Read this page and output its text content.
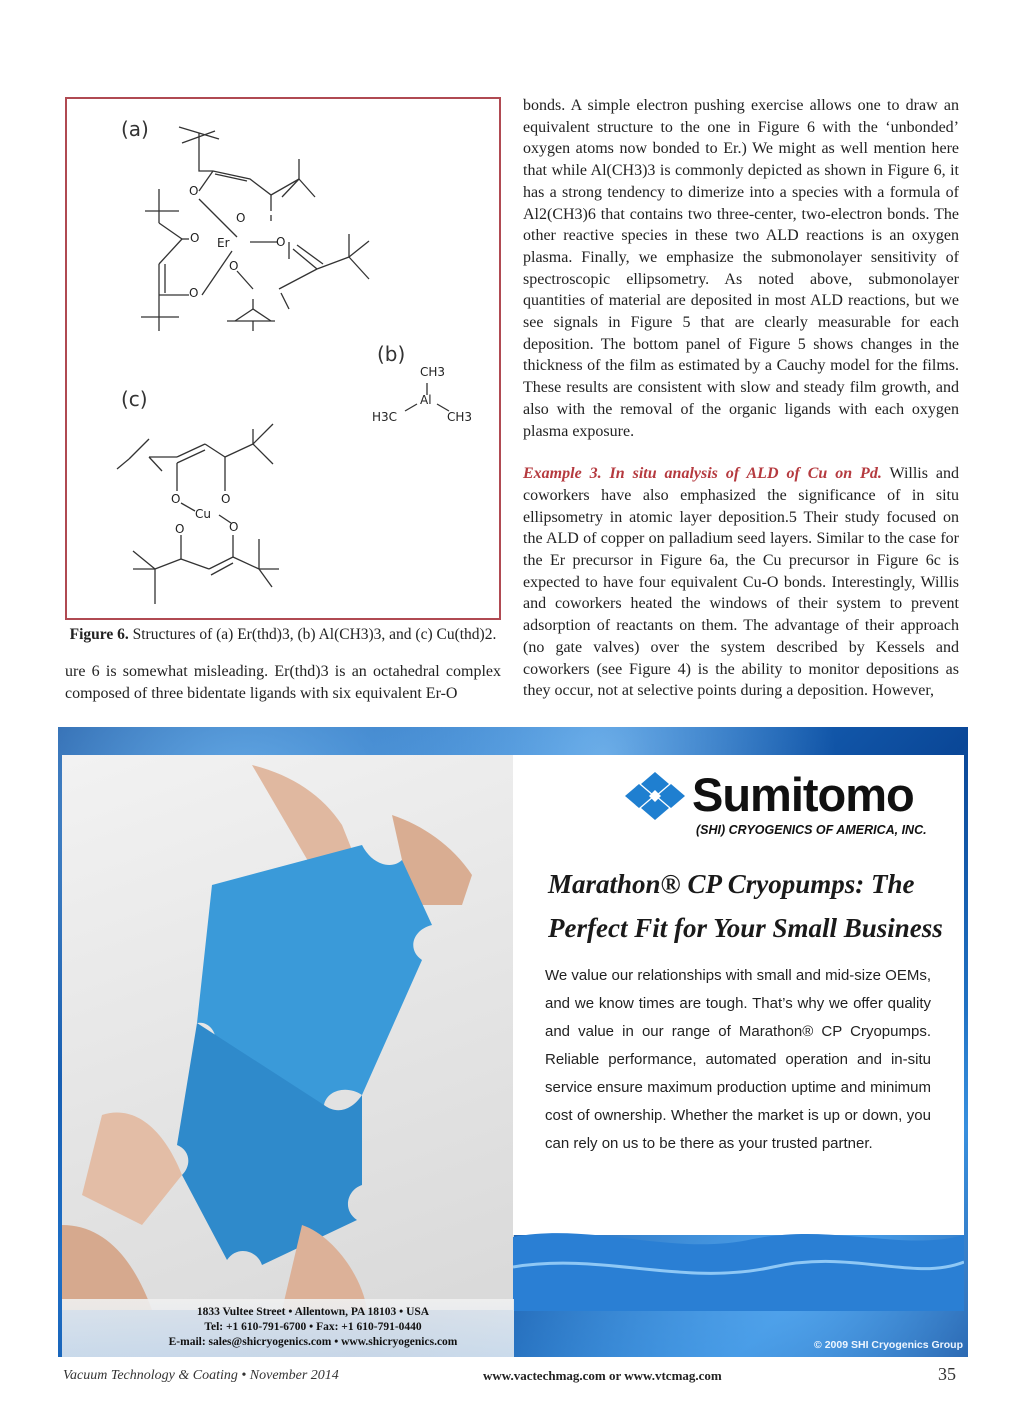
(a)
(b)
(c)
Er
O
O
O	O
O
O
CH3
Al
H3C	CH3
O	O
Cu
O
O
Figure 6. Structures of (a) Er(thd)3, (b) Al(CH3)3, and (c) Cu(thd)2.
ure 6 is somewhat misleading. Er(thd)3 is an octahedral complex composed of three bidentate ligands with six equivalent Er-O

bonds. A simple electron pushing exercise allows one to draw an equivalent structure to the one in Figure 6 with the ‘unbonded’ oxygen atoms now bonded to Er.) We might as well mention here that while Al(CH3)3 is commonly depicted as shown in Figure 6, it has a strong tendency to dimerize into a species with a formula of Al2(CH3)6 that contains two three-center, two-electron bonds. The other reactive species in these two ALD reactions is an oxygen plasma. Finally, we emphasize the submonolayer sensitivity of spectroscopic ellipsometry. As noted above, submonolayer quantities of material are deposited in most ALD reactions, but we see signals in Figure 5 that are clearly measurable for each deposition. The bottom panel of Figure 5 shows changes in the thickness of the film as estimated by a Cauchy model for the films. These results are consistent with slow and steady film growth, and also with the removal of the organic ligands with each oxygen plasma exposure.

Example 3. In situ analysis of ALD of Cu on Pd. Willis and coworkers have also emphasized the significance of in situ ellipsometry in atomic layer deposition.5 Their study focused on the ALD of copper on palladium seed layers. Similar to the case for the Er precursor in Figure 6a, the Cu precursor in Figure 6c is expected to have four equivalent Cu-O bonds. Interestingly, Willis and coworkers heated the windows of their system to prevent adsorption of reactants on them. The advantage of their approach (no gate valves) over the system described by Kessels and coworkers (see Figure 4) is the ability to monitor depositions as they occur, not at selective points during a deposition. However,

Sumitomo
(SHI) CRYOGENICS OF AMERICA, INC.
Marathon® CP Cryopumps: The
Perfect Fit for Your Small Business
We value our relationships with small and mid-size OEMs, and we know times are tough. That’s why we offer quality and value in our range of Marathon® CP Cryopumps. Reliable performance, automated operation and in-situ service ensure maximum production uptime and minimum cost of ownership. Whether the market is up or down, you can rely on us to be there as your trusted partner.
1833 Vultee Street • Allentown, PA 18103 • USA
Tel: +1 610-791-6700 • Fax: +1 610-791-0440
E-mail: sales@shicryogenics.com • www.shicryogenics.com	© 2009 SHI Cryogenics Group
Vacuum Technology & Coating • November 2014	www.vactechmag.com or www.vtcmag.com	35
